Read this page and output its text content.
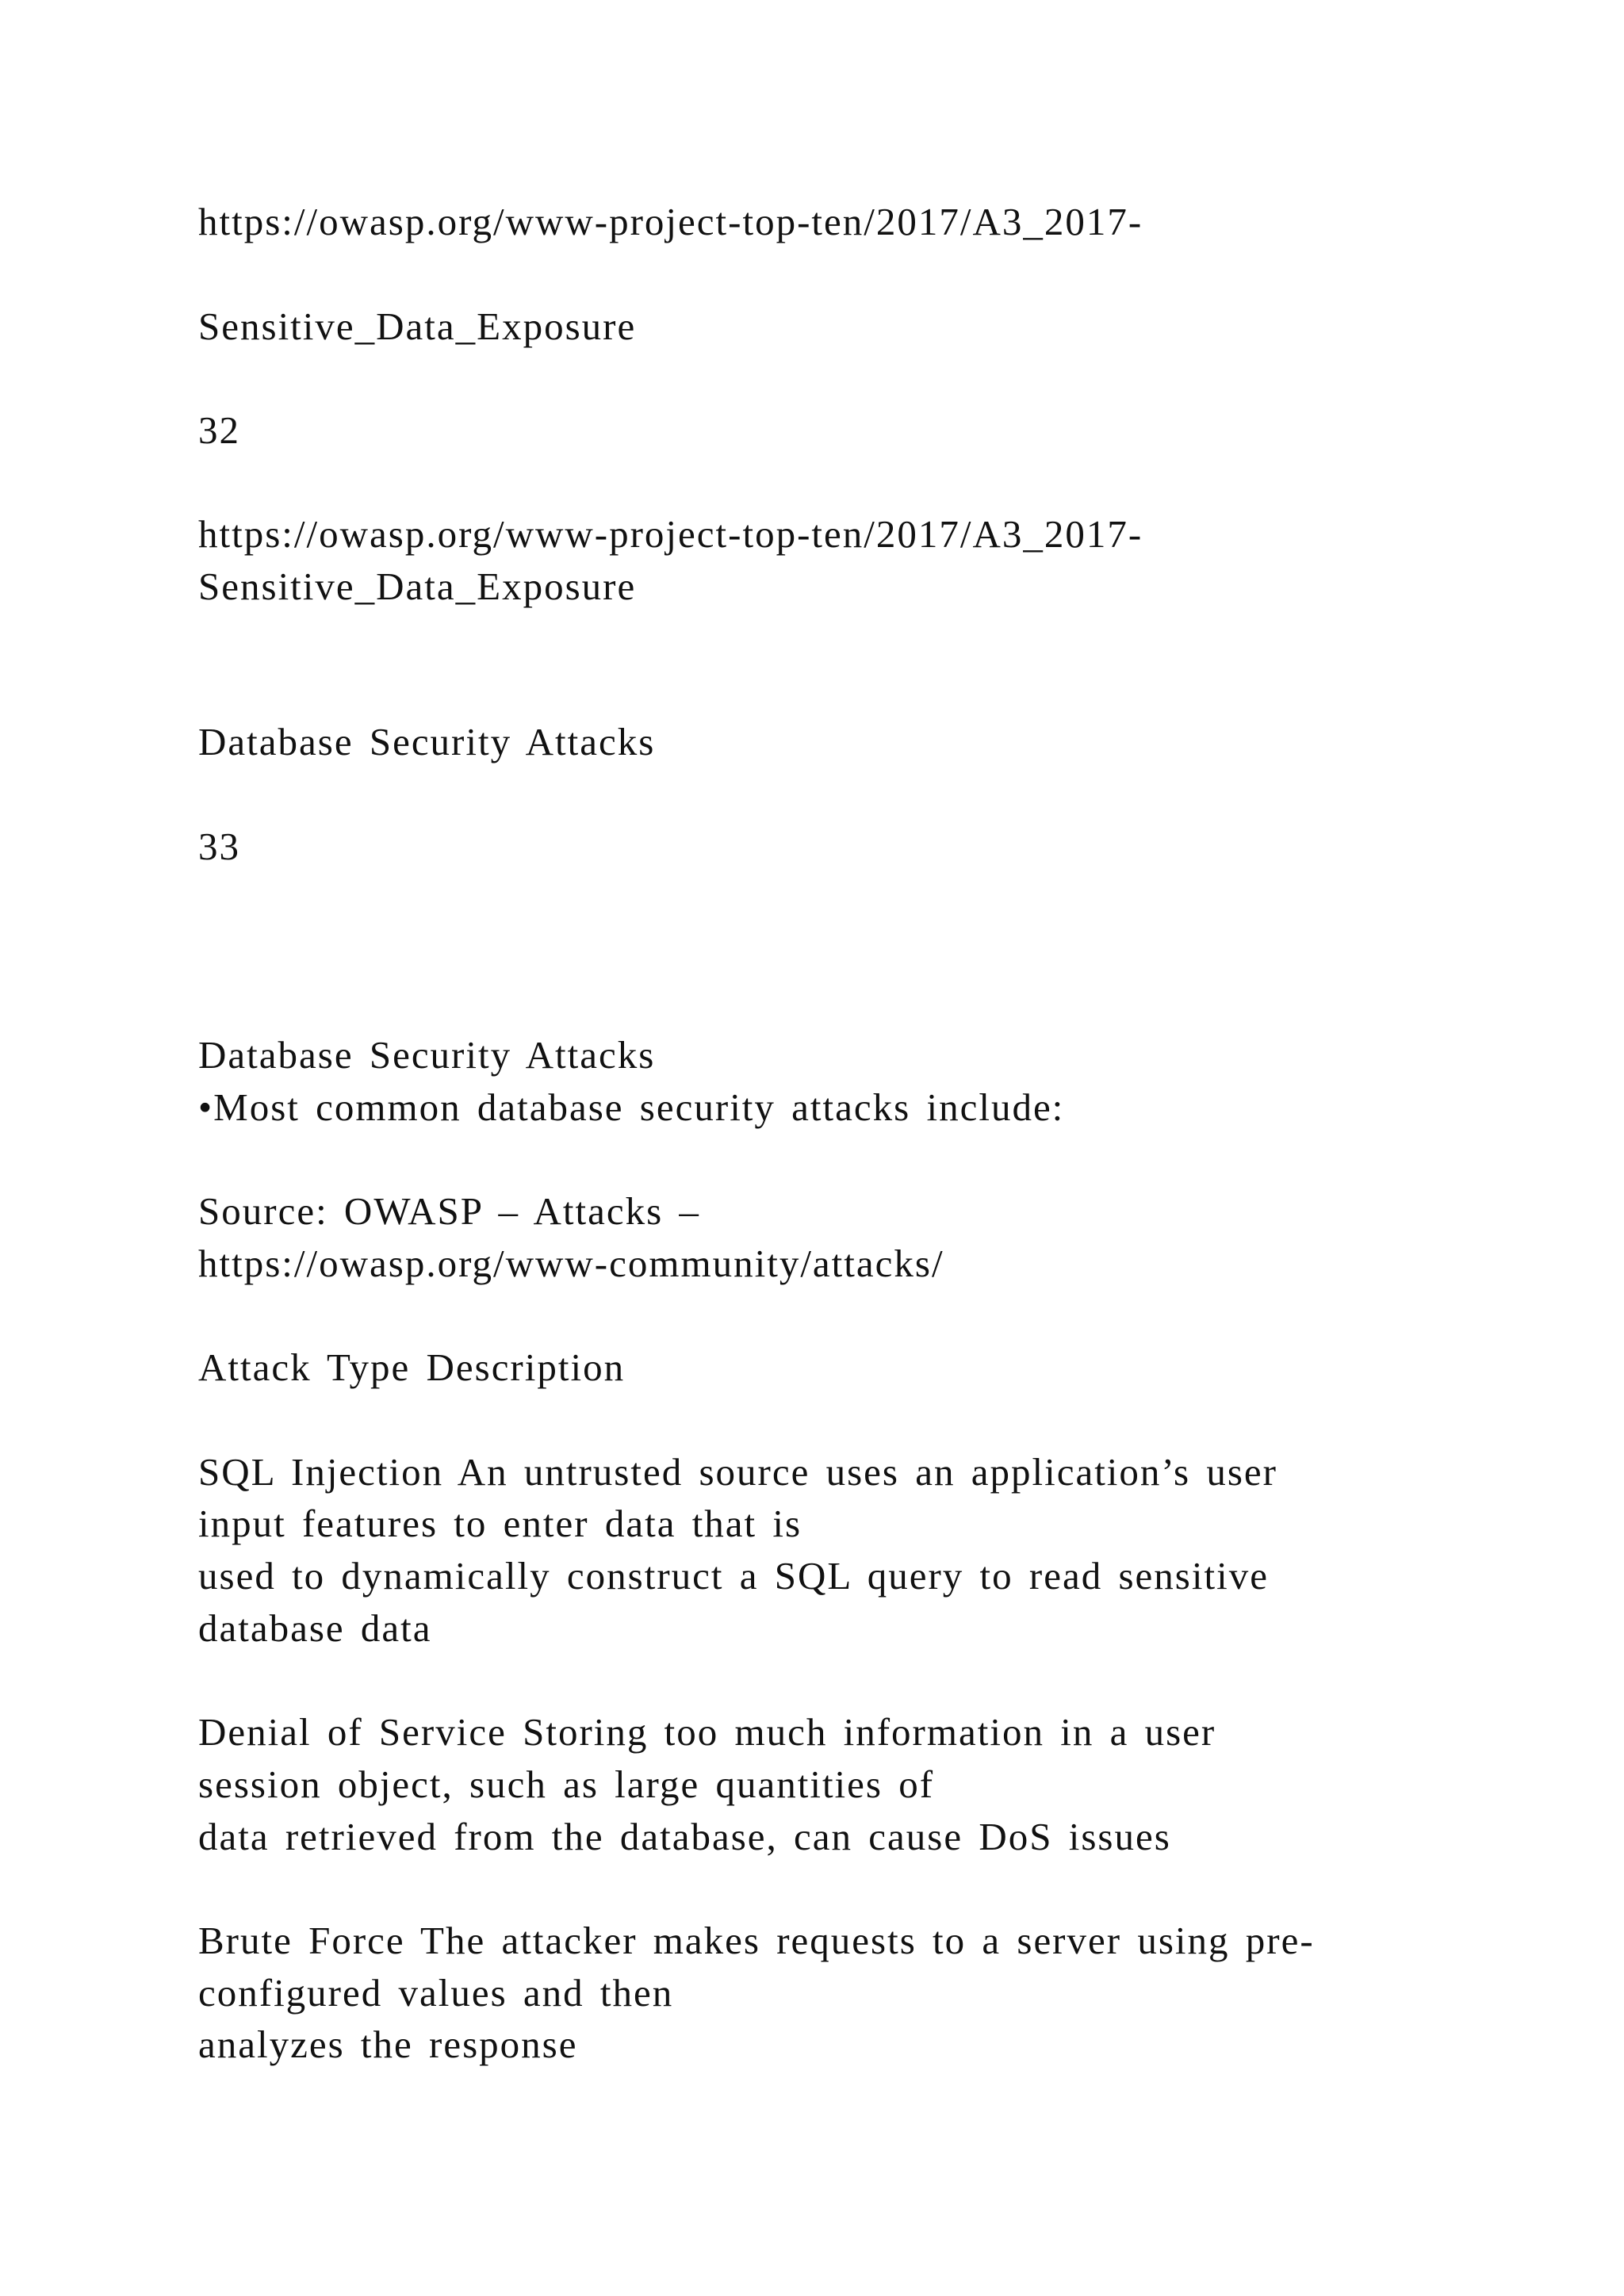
https://owasp.org/www-project-top-ten/2017/A3_2017-
Sensitive_Data_Exposure
32
https://owasp.org/www-project-top-ten/2017/A3_2017-
Sensitive_Data_Exposure
Database Security Attacks
33
Database Security Attacks
•Most common database security attacks include:
Source: OWASP – Attacks –
https://owasp.org/www-community/attacks/
Attack Type Description
SQL Injection An untrusted source uses an application’s user
input features to enter data that is
used to dynamically construct a SQL query to read sensitive
database data
Denial of Service Storing too much information in a user
session object, such as large quantities of
data retrieved from the database, can cause DoS issues
Brute Force The attacker makes requests to a server using pre-
configured values and then
analyzes the response
